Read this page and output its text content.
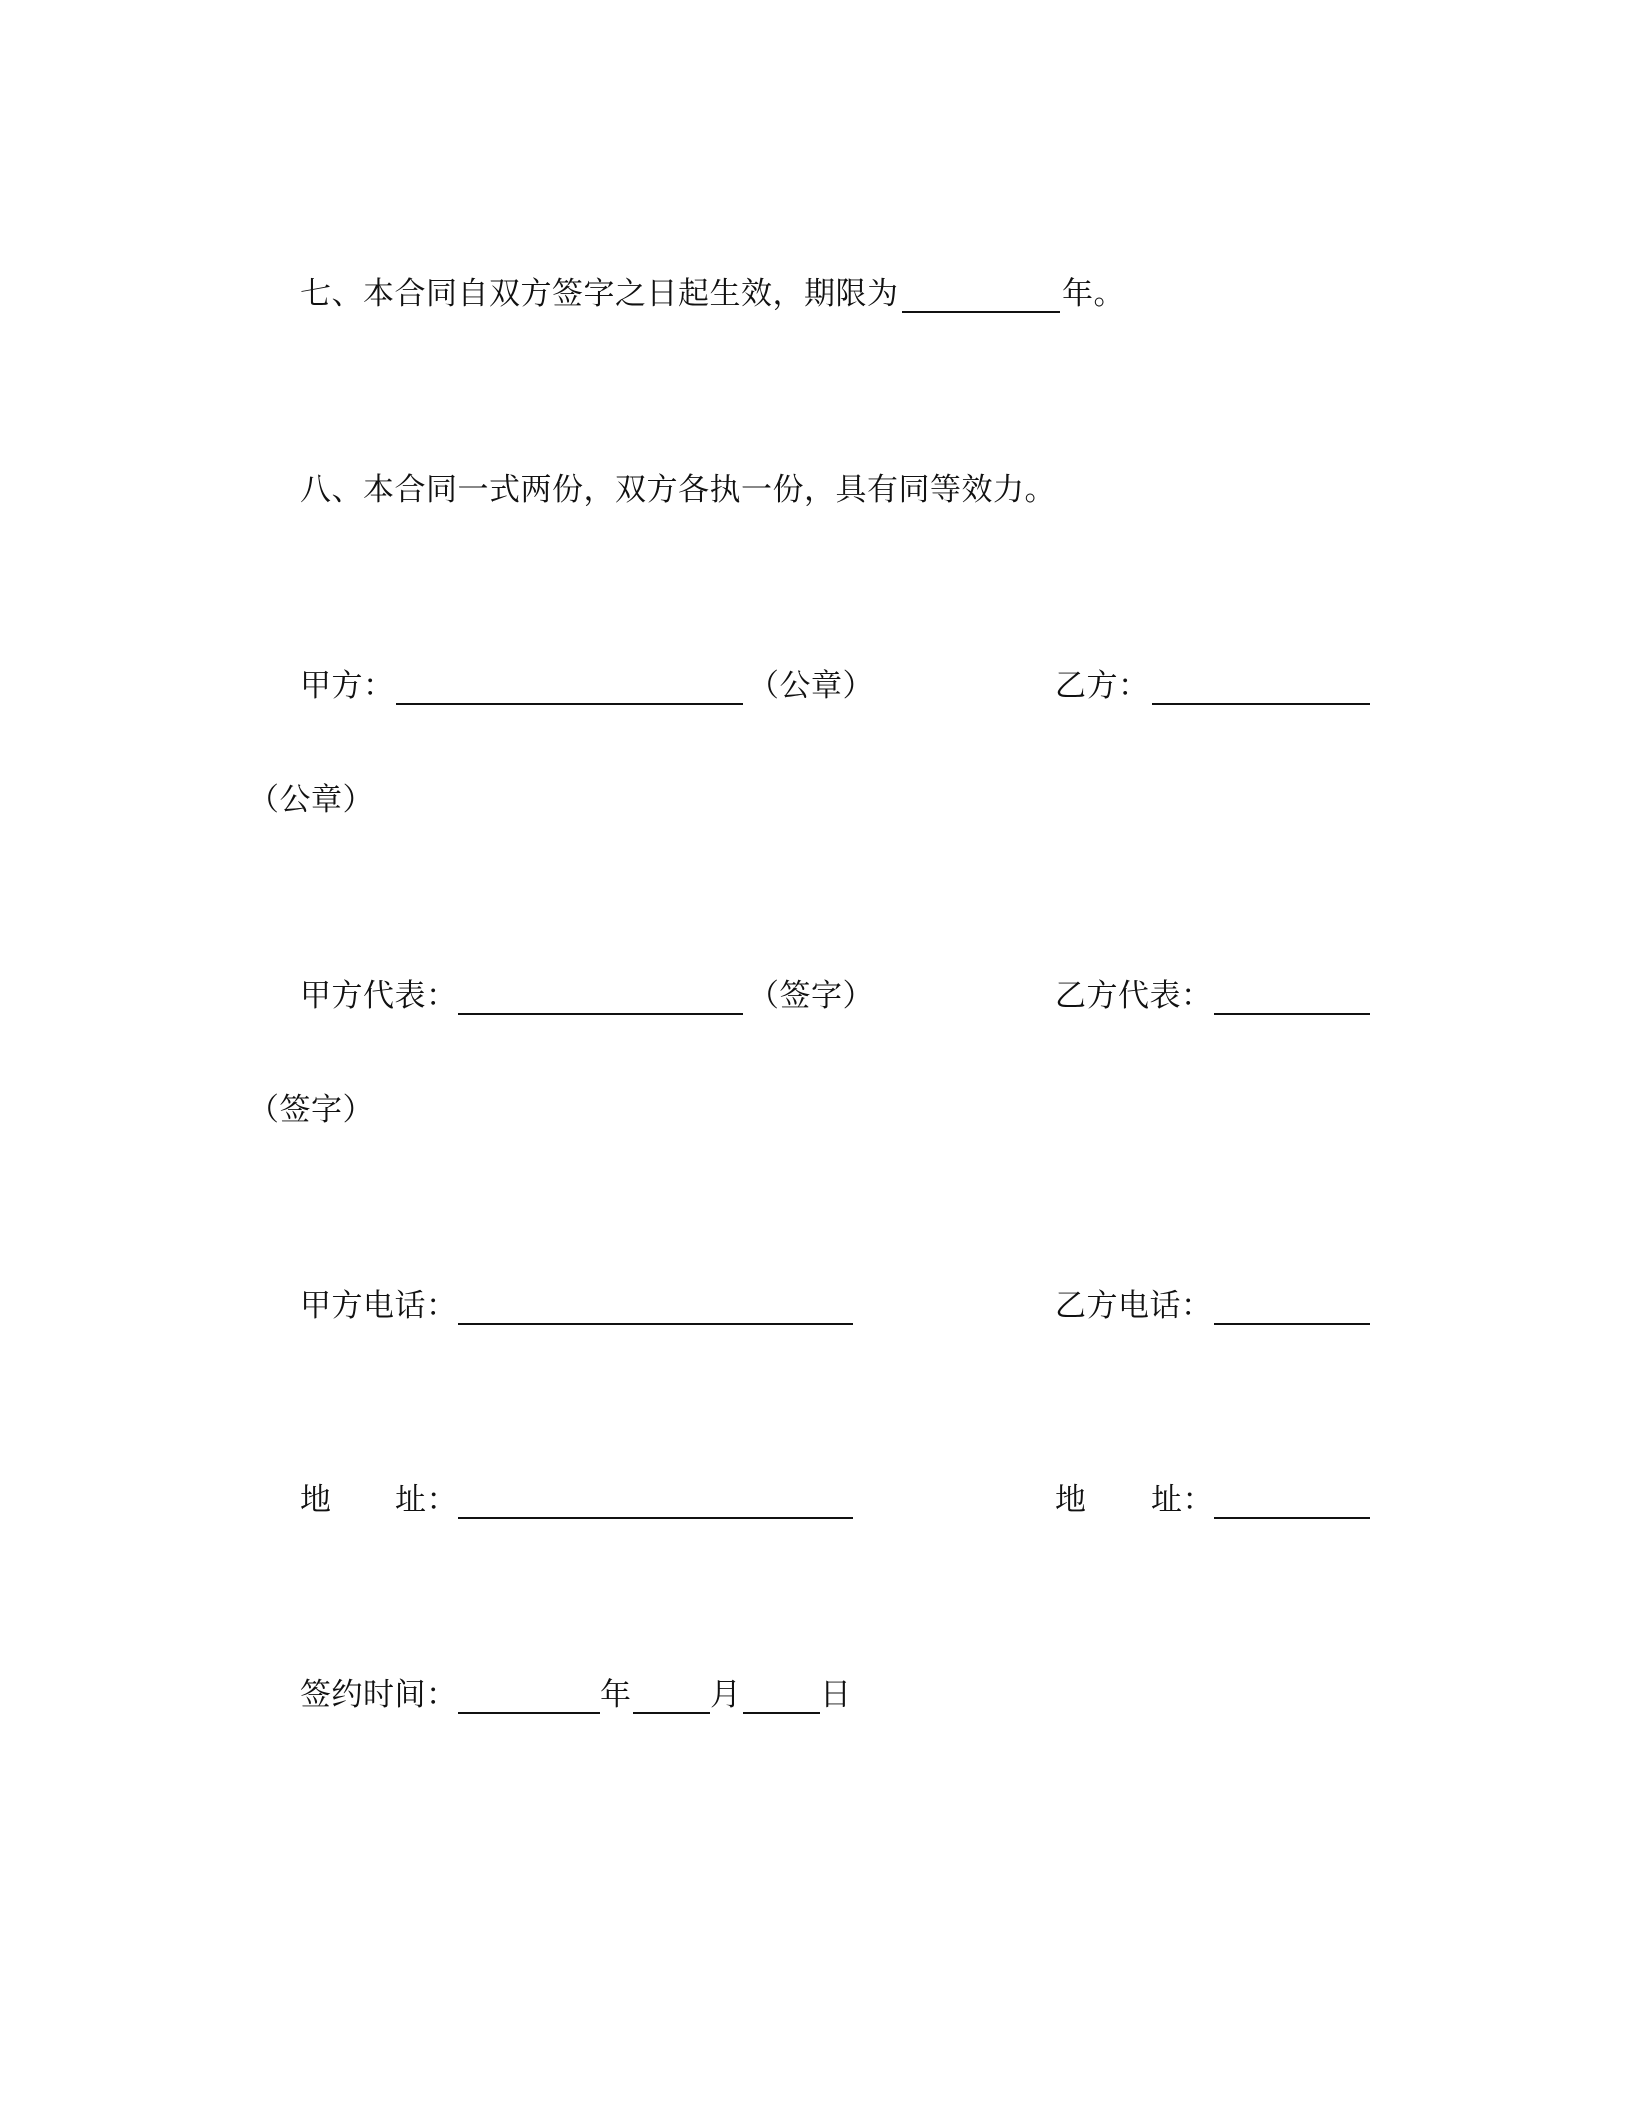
七、本合同自双方签字之日起生效，期限为	年。
八、本合同一式两份，双方各执一份，具有同等效力。
甲方：	（公章）	乙方：
（公章）
甲方代表：	（签字）	乙方代表：
（签字）
甲方电话：	乙方电话：
地 址：	地 址：
签约时间：	年	月	日
